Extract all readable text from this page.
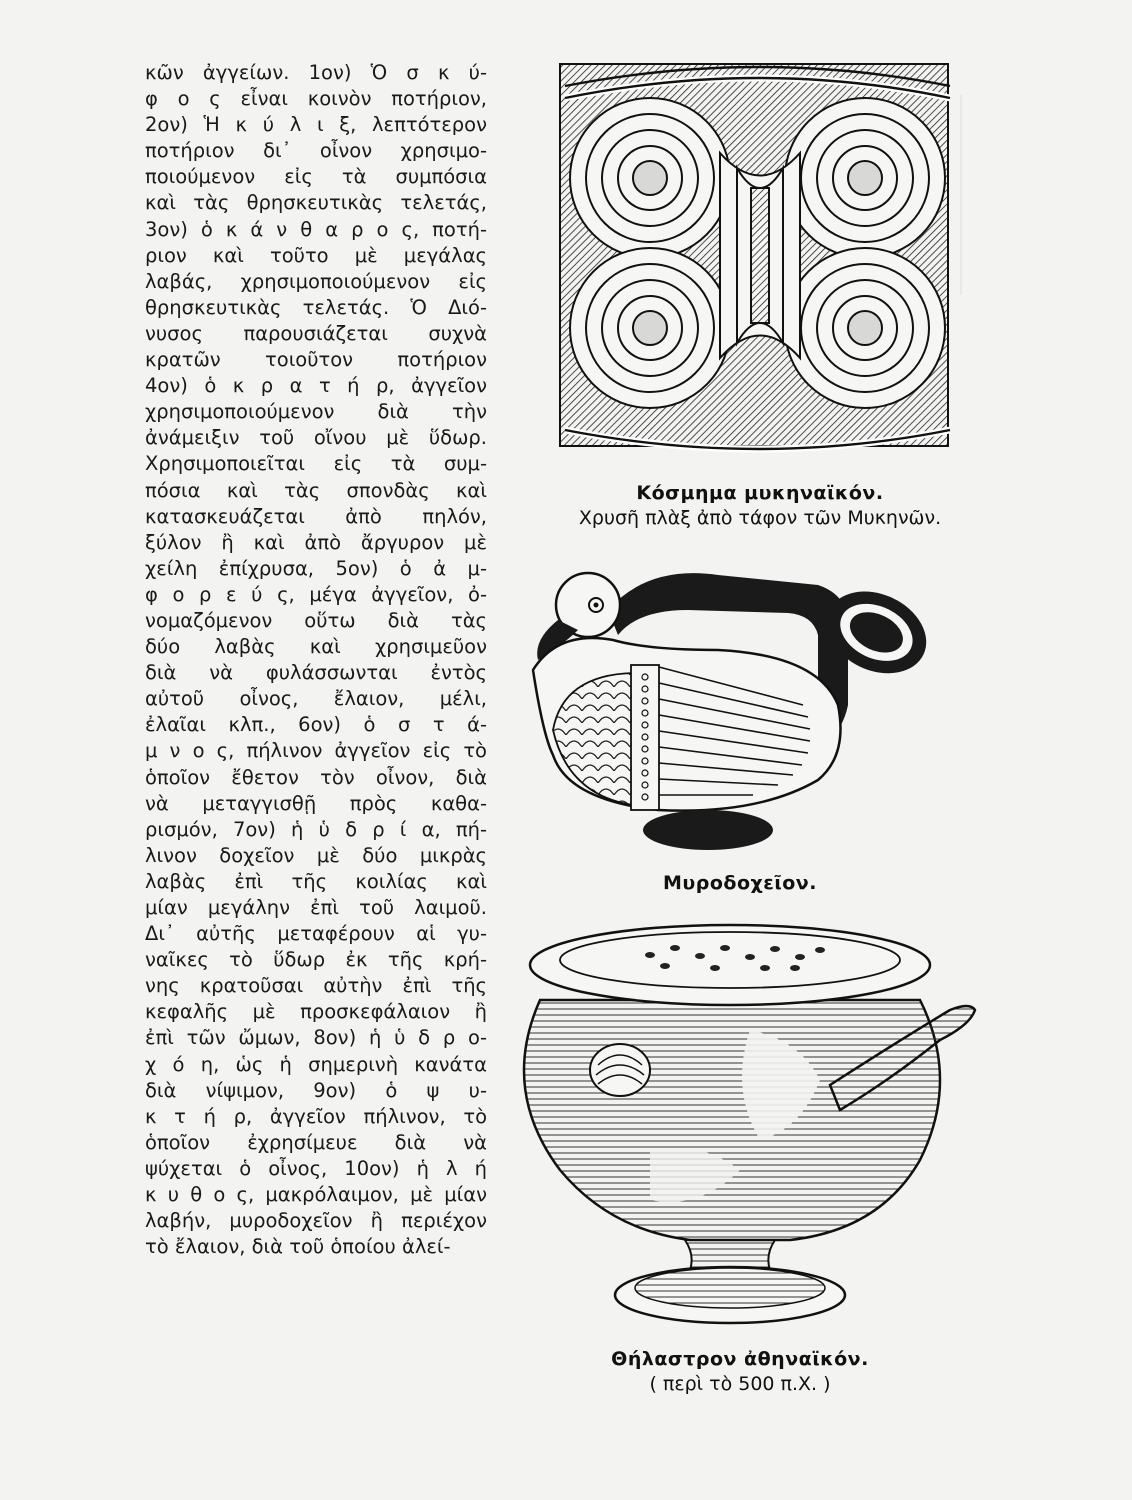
κῶν ἀγγείων. 1ον) Ὁ σ κ ύ-
φ ο ς εἶναι κοινὸν ποτήριον,
2ον) Ἡ κ ύ λ ι ξ, λεπτότερον
ποτήριον δι᾽ οἶνον χρησιμο-
ποιούμενον εἰς τὰ συμπόσια
καὶ τὰς θρησκευτικὰς τελετάς,
3ον) ὁ κ ά ν θ α ρ ο ς, ποτή-
ριον καὶ τοῦτο μὲ μεγάλας
λαβάς, χρησιμοποιούμενον εἰς
θρησκευτικὰς τελετάς. Ὁ Διό-
νυσος παρουσιάζεται συχνὰ
κρατῶν τοιοῦτον ποτήριον
4ον) ὁ κ ρ α τ ή ρ, ἀγγεῖον
χρησιμοποιούμενον διὰ τὴν
ἀνάμειξιν τοῦ οἴνου μὲ ὕδωρ.
Χρησιμοποιεῖται εἰς τὰ συμ-
πόσια καὶ τὰς σπονδὰς καὶ
κατασκευάζεται ἀπὸ πηλόν,
ξύλον ἢ καὶ ἀπὸ ἄργυρον μὲ
χείλη ἐπίχρυσα, 5ον) ὁ ἀ μ-
φ ο ρ ε ύ ς, μέγα ἀγγεῖον, ὀ-
νομαζόμενον οὕτω διὰ τὰς
δύο λαβὰς καὶ χρησιμεῦον
διὰ νὰ φυλάσσωνται ἐντὸς
αὐτοῦ οἶνος, ἔλαιον, μέλι,
ἐλαῖαι κλπ., 6ον) ὁ σ τ ά-
μ ν ο ς, πήλινον ἀγγεῖον εἰς τὸ
ὁποῖον ἔθετον τὸν οἶνον, διὰ
νὰ μεταγγισθῇ πρὸς καθα-
ρισμόν, 7ον) ἡ ὑ δ ρ ί α, πή-
λινον δοχεῖον μὲ δύο μικρὰς
λαβὰς ἐπὶ τῆς κοιλίας καὶ
μίαν μεγάλην ἐπὶ τοῦ λαιμοῦ.
Δι᾽ αὐτῆς μεταφέρουν αἱ γυ-
ναῖκες τὸ ὕδωρ ἐκ τῆς κρή-
νης κρατοῦσαι αὐτὴν ἐπὶ τῆς
κεφαλῆς μὲ προσκεφάλαιον ἢ
ἐπὶ τῶν ὤμων, 8ον) ἡ ὑ δ ρ ο-
χ ό η, ὡς ἡ σημερινὴ κανάτα
διὰ νίψιμον, 9ον) ὁ ψ υ-
κ τ ή ρ, ἀγγεῖον πήλινον, τὸ
ὁποῖον ἐχρησίμευε διὰ νὰ
ψύχεται ὁ οἶνος, 10ον) ἡ λ ή
κ υ θ ο ς, μακρόλαιμον, μὲ μίαν
λαβήν, μυροδοχεῖον ἢ περιέχον
τὸ ἔλαιον, διὰ τοῦ ὁποίου ἀλεί-
Κόσμημα μυκηναϊκόν.
Χρυσῆ πλὰξ ἀπὸ τάφον τῶν Μυκηνῶν.
Μυροδοχεῖον.
Θήλαστρον ἀθηναϊκόν.
( περὶ τὸ 500 π.Χ. )
